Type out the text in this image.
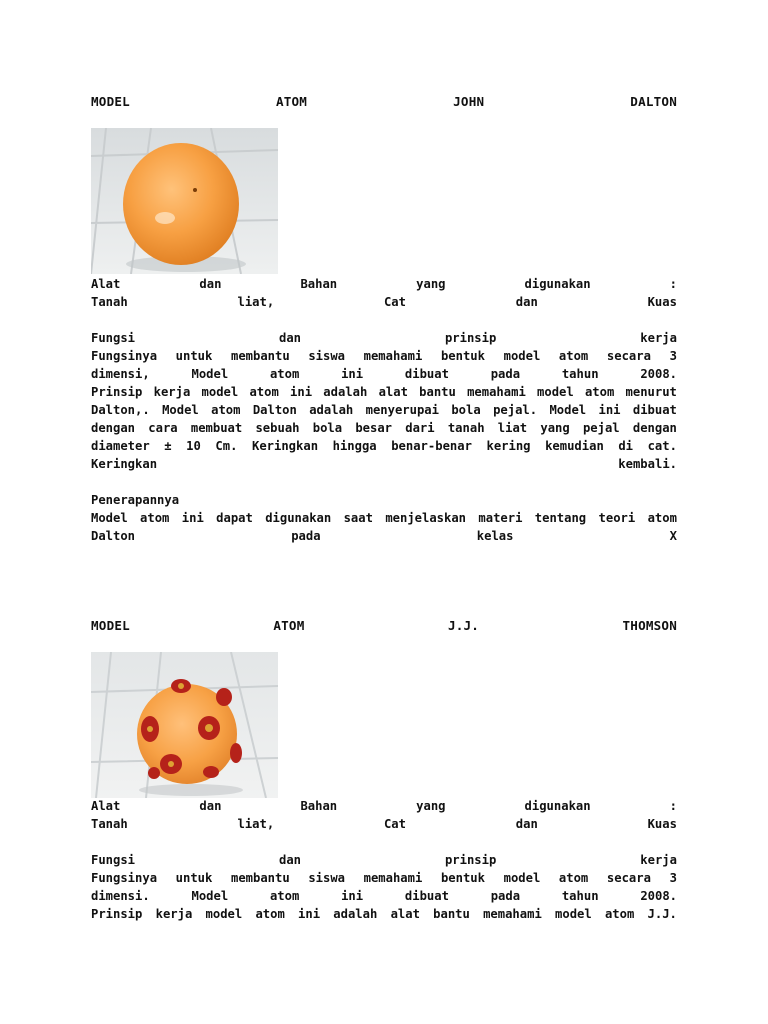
MODEL	ATOM	JOHN	DALTON
Alat	dan	Bahan	yang	digunakan	:
Tanah	liat,	Cat	dan	Kuas
Fungsi	dan	prinsip	kerja
Fungsinya untuk membantu siswa memahami bentuk model atom secara 3
dimensi,	Model	atom	ini	dibuat	pada	tahun	2008.
Prinsip kerja model atom ini adalah alat bantu memahami model atom menurut
Dalton,. Model atom Dalton adalah menyerupai bola pejal. Model ini dibuat
dengan cara membuat sebuah bola besar dari tanah liat yang pejal dengan
diameter ± 10 Cm. Keringkan hingga benar-benar kering kemudian di cat.
Keringkan	kembali.
Penerapannya
Model atom ini dapat digunakan saat menjelaskan materi tentang teori atom
Dalton	pada	kelas	X
MODEL	ATOM	J.J.	THOMSON
Alat	dan	Bahan	yang	digunakan	:
Tanah	liat,	Cat	dan	Kuas
Fungsi	dan	prinsip	kerja
Fungsinya untuk membantu siswa memahami bentuk model atom secara 3
dimensi.	Model	atom	ini	dibuat	pada	tahun	2008.
Prinsip kerja model atom ini adalah alat bantu memahami model atom J.J.
